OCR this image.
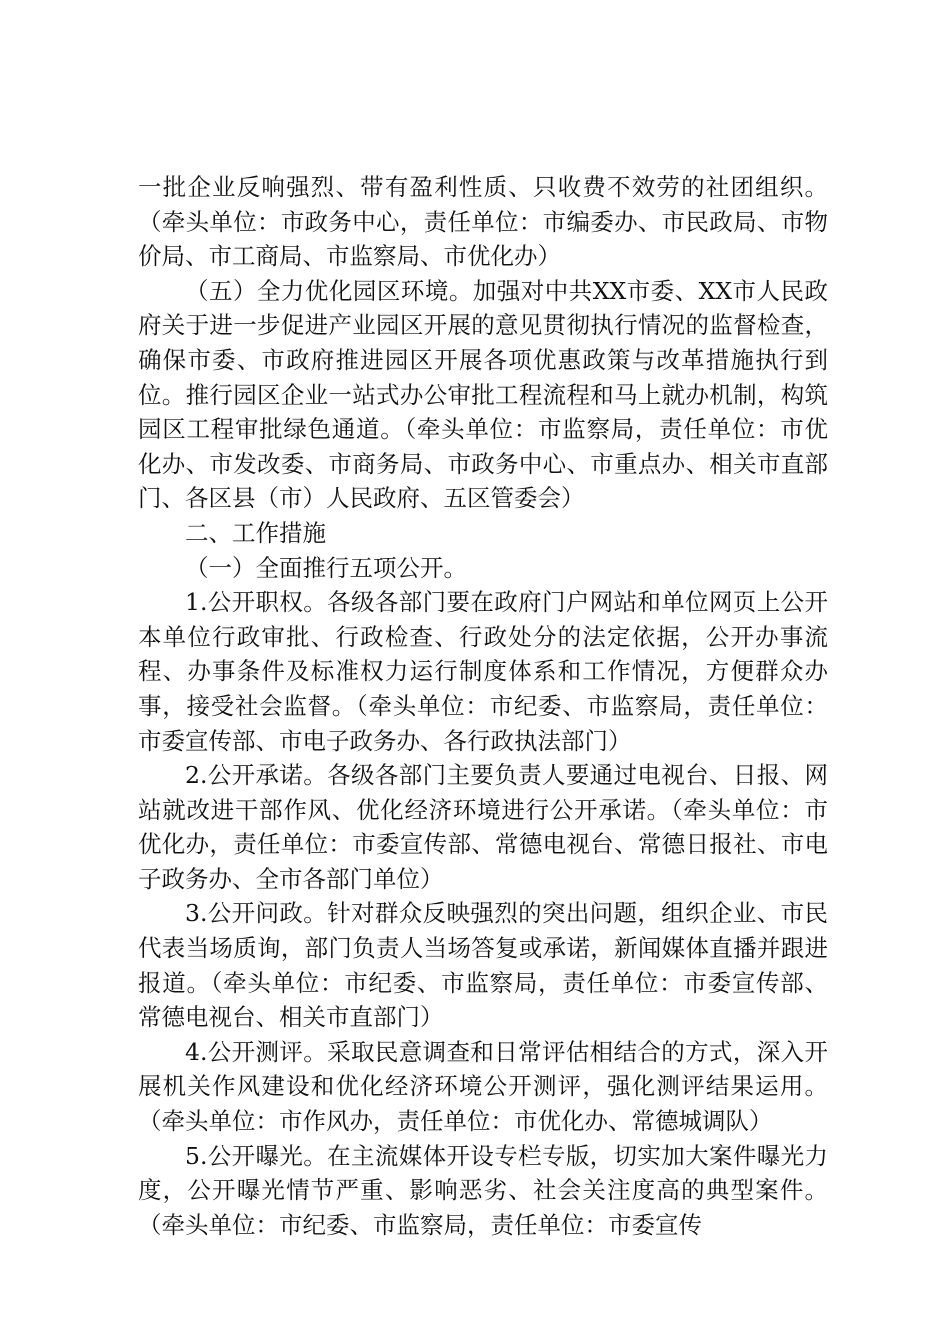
一批企业反响强烈、带有盈利性质、只收费不效劳的社团组织。（牵头单位：市政务中心，责任单位：市编委办、市民政局、市物价局、市工商局、市监察局、市优化办）

（五）全力优化园区环境。加强对中共XX市委、XX市人民政府关于进一步促进产业园区开展的意见贯彻执行情况的监督检查，确保市委、市政府推进园区开展各项优惠政策与改革措施执行到位。推行园区企业一站式办公审批工程流程和马上就办机制，构筑园区工程审批绿色通道。（牵头单位：市监察局，责任单位：市优化办、市发改委、市商务局、市政务中心、市重点办、相关市直部门、各区县（市）人民政府、五区管委会）

二、工作措施

（一）全面推行五项公开。

1.公开职权。各级各部门要在政府门户网站和单位网页上公开本单位行政审批、行政检查、行政处分的法定依据，公开办事流程、办事条件及标准权力运行制度体系和工作情况，方便群众办事，接受社会监督。（牵头单位：市纪委、市监察局，责任单位：市委宣传部、市电子政务办、各行政执法部门）

2.公开承诺。各级各部门主要负责人要通过电视台、日报、网站就改进干部作风、优化经济环境进行公开承诺。（牵头单位：市优化办，责任单位：市委宣传部、常德电视台、常德日报社、市电子政务办、全市各部门单位）

3.公开问政。针对群众反映强烈的突出问题，组织企业、市民代表当场质询，部门负责人当场答复或承诺，新闻媒体直播并跟进报道。（牵头单位：市纪委、市监察局，责任单位：市委宣传部、常德电视台、相关市直部门）

4.公开测评。采取民意调查和日常评估相结合的方式，深入开展机关作风建设和优化经济环境公开测评，强化测评结果运用。（牵头单位：市作风办，责任单位：市优化办、常德城调队）

5.公开曝光。在主流媒体开设专栏专版，切实加大案件曝光力度，公开曝光情节严重、影响恶劣、社会关注度高的典型案件。（牵头单位：市纪委、市监察局，责任单位：市委宣传
